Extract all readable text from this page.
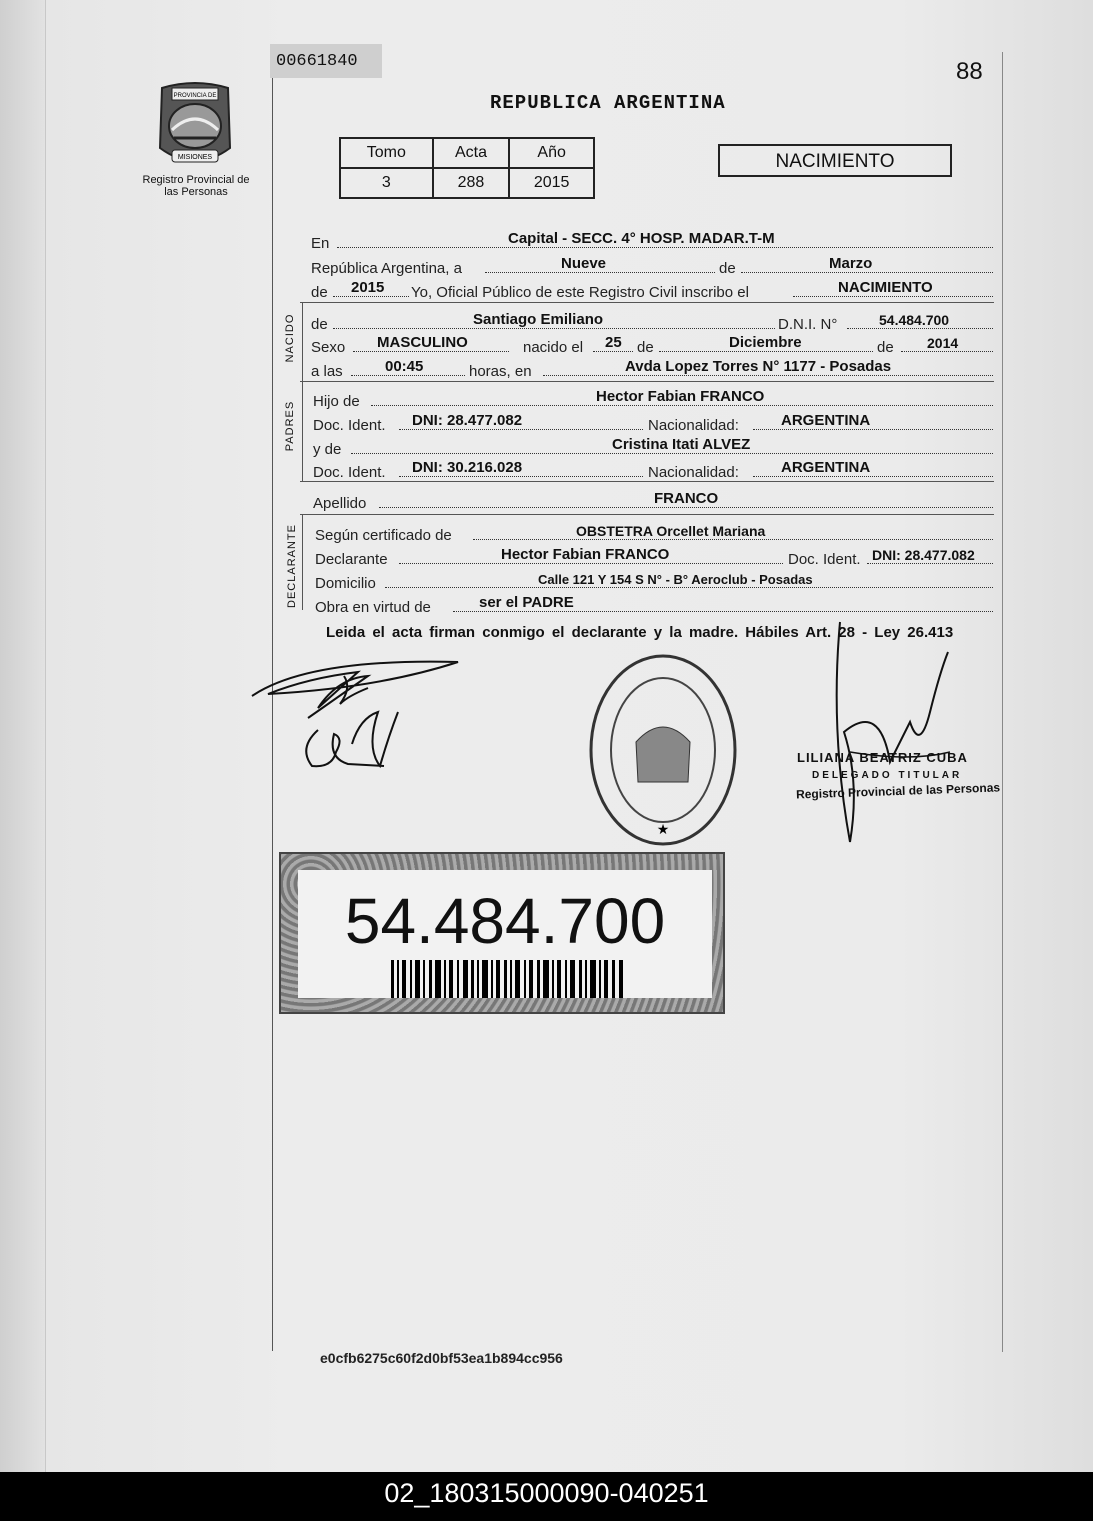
00661840	88
REPUBLICA ARGENTINA
PROVINCIA DE
MISIONES
Registro Provincial de las Personas
Tomo	Acta	Año
3	288	2015
NACIMIENTO
En	Capital - SECC. 4° HOSP. MADAR.T-M
República Argentina, a	Nueve	de	Marzo
de 2015 Yo, Oficial Público de este Registro Civil inscribo el	NACIMIENTO
NACIDO de	Santiago Emiliano	D.N.I. N°	54.484.700
Sexo MASCULINO	nacido el 25 de	Diciembre	de 2014
a las	00:45	horas, en	Avda Lopez Torres N° 1177 - Posadas
PADRES Hijo de	Hector Fabian FRANCO
Doc. Ident. DNI: 28.477.082	Nacionalidad:	ARGENTINA
y de	Cristina Itati ALVEZ
Doc. Ident. DNI: 30.216.028	Nacionalidad:	ARGENTINA
Apellido	FRANCO
DECLARANTE Según certificado de	OBSTETRA Orcellet Mariana
Declarante	Hector Fabian FRANCO	Doc. Ident. DNI: 28.477.082
Domicilio	Calle 121 Y 154 S N° - B° Aeroclub - Posadas
Obra en virtud de	ser el PADRE
Leida el acta firman conmigo el declarante y la madre. Hábiles Art. 28 - Ley 26.413
★
LILIANA BEATRIZ CUBA
DELEGADO TITULAR
Registro Provincial de las Personas
54.484.700
e0cfb6275c60f2d0bf53ea1b894cc956
02_180315000090-040251
